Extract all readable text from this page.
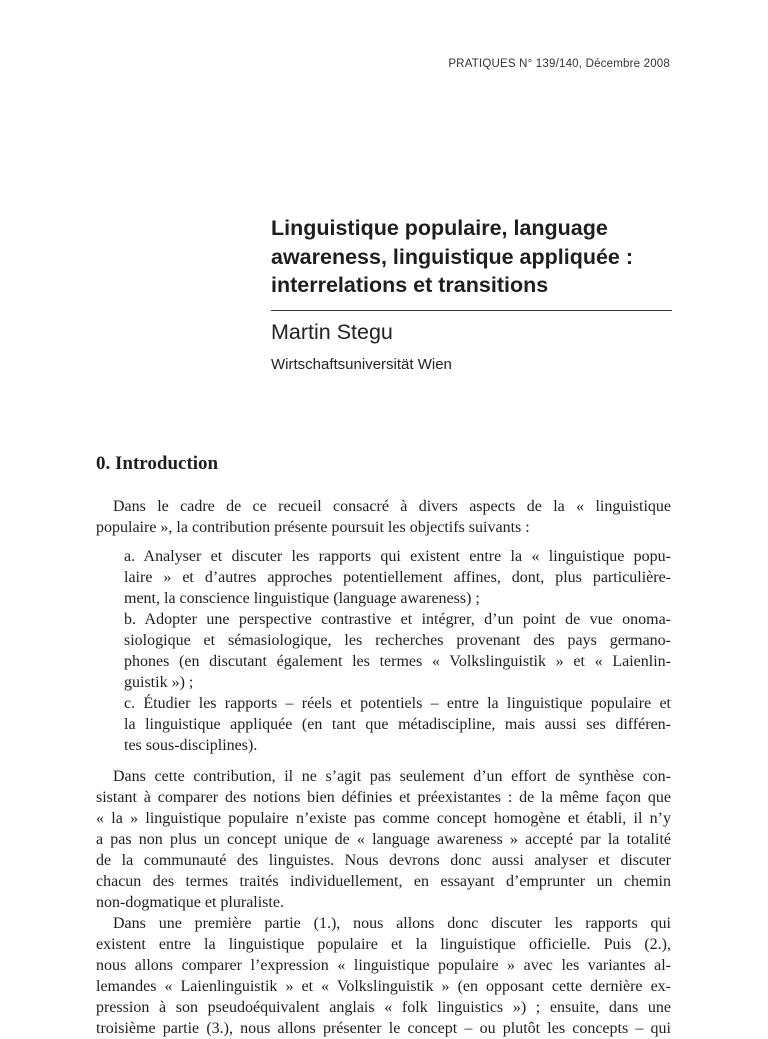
PRATIQUES N° 139/140, Décembre 2008
Linguistique populaire, language
awareness, linguistique appliquée :
interrelations et transitions
Martin Stegu
Wirtschaftsuniversität Wien
0. Introduction
Dans le cadre de ce recueil consacré à divers aspects de la « linguistique
populaire », la contribution présente poursuit les objectifs suivants :
a. Analyser et discuter les rapports qui existent entre la « linguistique popu-
laire » et d’autres approches potentiellement affines, dont, plus particulière-
ment, la conscience linguistique (language awareness) ;
b. Adopter une perspective contrastive et intégrer, d’un point de vue onoma-
siologique et sémasiologique, les recherches provenant des pays germano-
phones (en discutant également les termes « Volkslinguistik » et « Laienlin-
guistik ») ;
c. Étudier les rapports – réels et potentiels – entre la linguistique populaire et
la linguistique appliquée (en tant que métadiscipline, mais aussi ses différen-
tes sous-disciplines).
Dans cette contribution, il ne s’agit pas seulement d’un effort de synthèse con-
sistant à comparer des notions bien définies et préexistantes : de la même façon que
« la » linguistique populaire n’existe pas comme concept homogène et établi, il n’y
a pas non plus un concept unique de « language awareness » accepté par la totalité
de la communauté des linguistes. Nous devrons donc aussi analyser et discuter
chacun des termes traités individuellement, en essayant d’emprunter un chemin
non-dogmatique et pluraliste.
Dans une première partie (1.), nous allons donc discuter les rapports qui
existent entre la linguistique populaire et la linguistique officielle. Puis (2.),
nous allons comparer l’expression « linguistique populaire » avec les variantes al-
lemandes « Laienlinguistik » et « Volkslinguistik » (en opposant cette dernière ex-
pression à son pseudoéquivalent anglais « folk linguistics ») ; ensuite, dans une
troisième partie (3.), nous allons présenter le concept – ou plutôt les concepts – qui
